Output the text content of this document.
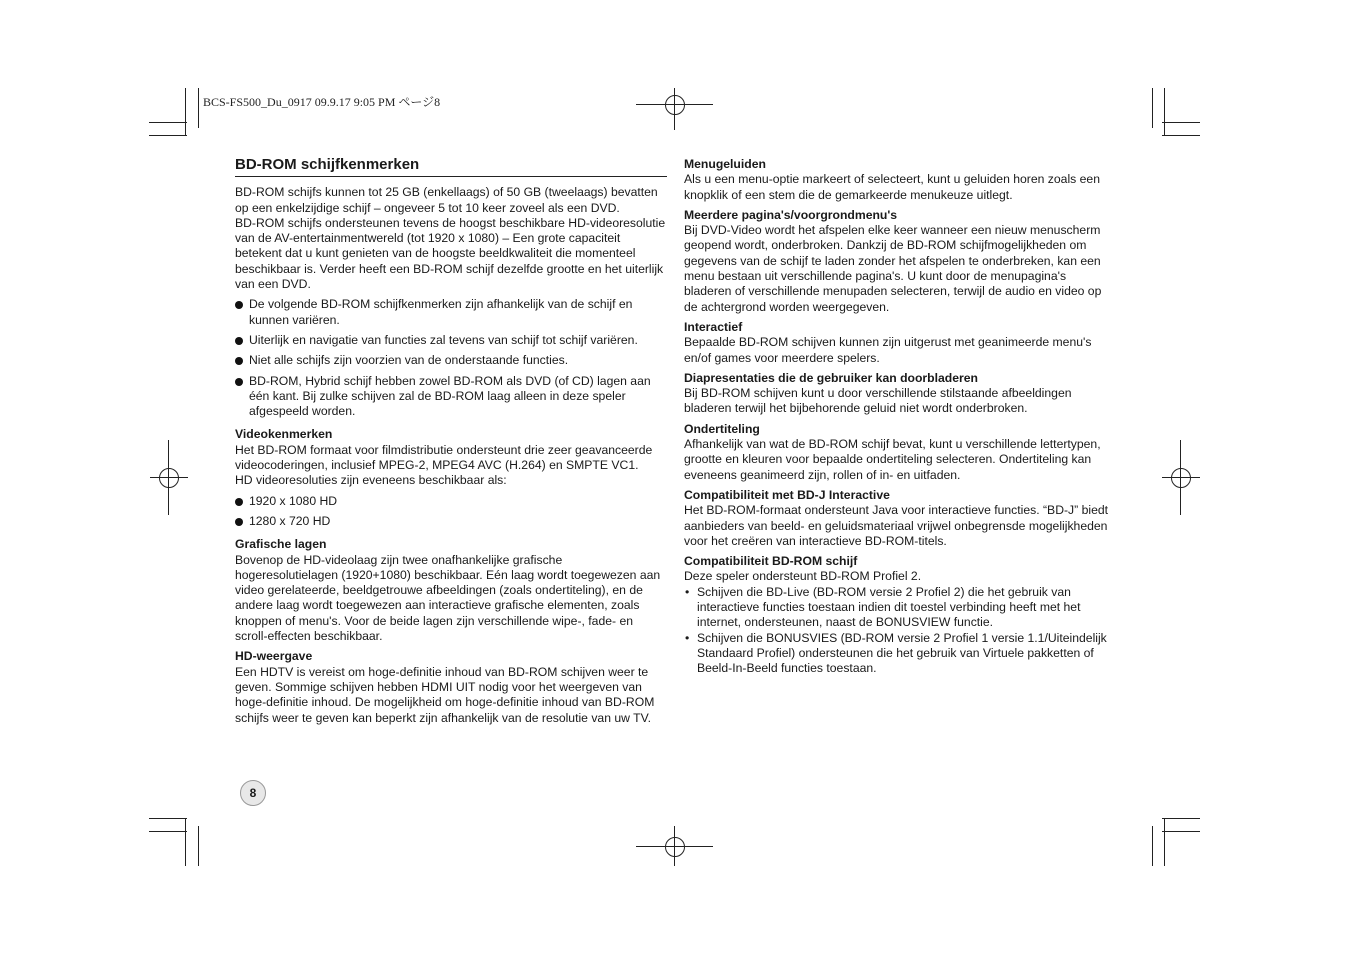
BCS-FS500_Du_0917 09.9.17 9:05 PM ページ8
BD-ROM schijfkenmerken

BD-ROM schijfs kunnen tot 25 GB (enkellaags) of 50 GB (tweelaags) bevatten op een enkelzijdige schijf – ongeveer 5 tot 10 keer zoveel als een DVD.

BD-ROM schijfs ondersteunen tevens de hoogst beschikbare HD-videoresolutie van de AV-entertainmentwereld (tot 1920 x 1080) – Een grote capaciteit betekent dat u kunt genieten van de hoogste beeldkwaliteit die momenteel beschikbaar is. Verder heeft een BD-ROM schijf dezelfde grootte en het uiterlijk van een DVD.

De volgende BD-ROM schijfkenmerken zijn afhankelijk van de schijf en kunnen variëren.

Uiterlijk en navigatie van functies zal tevens van schijf tot schijf variëren.

Niet alle schijfs zijn voorzien van de onderstaande functies.

BD-ROM, Hybrid schijf hebben zowel BD-ROM als DVD (of CD) lagen aan één kant. Bij zulke schijven zal de BD-ROM laag alleen in deze speler afgespeeld worden.

Videokenmerken

Het BD-ROM formaat voor filmdistributie ondersteunt drie zeer geavanceerde videocoderingen, inclusief MPEG-2, MPEG4 AVC (H.264) en SMPTE VC1.

HD videoresoluties zijn eveneens beschikbaar als:

1920 x 1080 HD

1280 x 720 HD

Grafische lagen

Bovenop de HD-videolaag zijn twee onafhankelijke grafische hogeresolutielagen (1920+1080) beschikbaar. Eén laag wordt toegewezen aan video gerelateerde, beeldgetrouwe afbeeldingen (zoals ondertiteling), en de andere laag wordt toegewezen aan interactieve grafische elementen, zoals knoppen of menu's. Voor de beide lagen zijn verschillende wipe-, fade- en scroll-effecten beschikbaar.

HD-weergave

Een HDTV is vereist om hoge-definitie inhoud van BD-ROM schijven weer te geven. Sommige schijven hebben HDMI UIT nodig voor het weergeven van hoge-definitie inhoud. De mogelijkheid om hoge-definitie inhoud van BD-ROM schijfs weer te geven kan beperkt zijn afhankelijk van de resolutie van uw TV.

8

Menugeluiden

Als u een menu-optie markeert of selecteert, kunt u geluiden horen zoals een knopklik of een stem die de gemarkeerde menukeuze uitlegt.

Meerdere pagina's/voorgrondmenu's

Bij DVD-Video wordt het afspelen elke keer wanneer een nieuw menuscherm geopend wordt, onderbroken. Dankzij de BD-ROM schijfmogelijkheden om gegevens van de schijf te laden zonder het afspelen te onderbreken, kan een menu bestaan uit verschillende pagina's. U kunt door de menupagina's bladeren of verschillende menupaden selecteren, terwijl de audio en video op de achtergrond worden weergegeven.

Interactief

Bepaalde BD-ROM schijven kunnen zijn uitgerust met geanimeerde menu's en/of games voor meerdere spelers.

Diapresentaties die de gebruiker kan doorbladeren

Bij BD-ROM schijven kunt u door verschillende stilstaande afbeeldingen bladeren terwijl het bijbehorende geluid niet wordt onderbroken.

Ondertiteling

Afhankelijk van wat de BD-ROM schijf bevat, kunt u verschillende lettertypen, grootte en kleuren voor bepaalde ondertiteling selecteren. Ondertiteling kan eveneens geanimeerd zijn, rollen of in- en uitfaden.

Compatibiliteit met BD-J Interactive

Het BD-ROM-formaat ondersteunt Java voor interactieve functies. “BD-J” biedt aanbieders van beeld- en geluidsmateriaal vrijwel onbegrensde mogelijkheden voor het creëren van interactieve BD-ROM-titels.

Compatibiliteit BD-ROM schijf

Deze speler ondersteunt BD-ROM Profiel 2.

• Schijven die BD-Live (BD-ROM versie 2 Profiel 2) die het gebruik van interactieve functies toestaan indien dit toestel verbinding heeft met het internet, ondersteunen, naast de BONUSVIEW functie.

• Schijven die BONUSVIES (BD-ROM versie 2 Profiel 1 versie 1.1/Uiteindelijk Standaard Profiel) ondersteunen die het gebruik van Virtuele pakketten of Beeld-In-Beeld functies toestaan.
